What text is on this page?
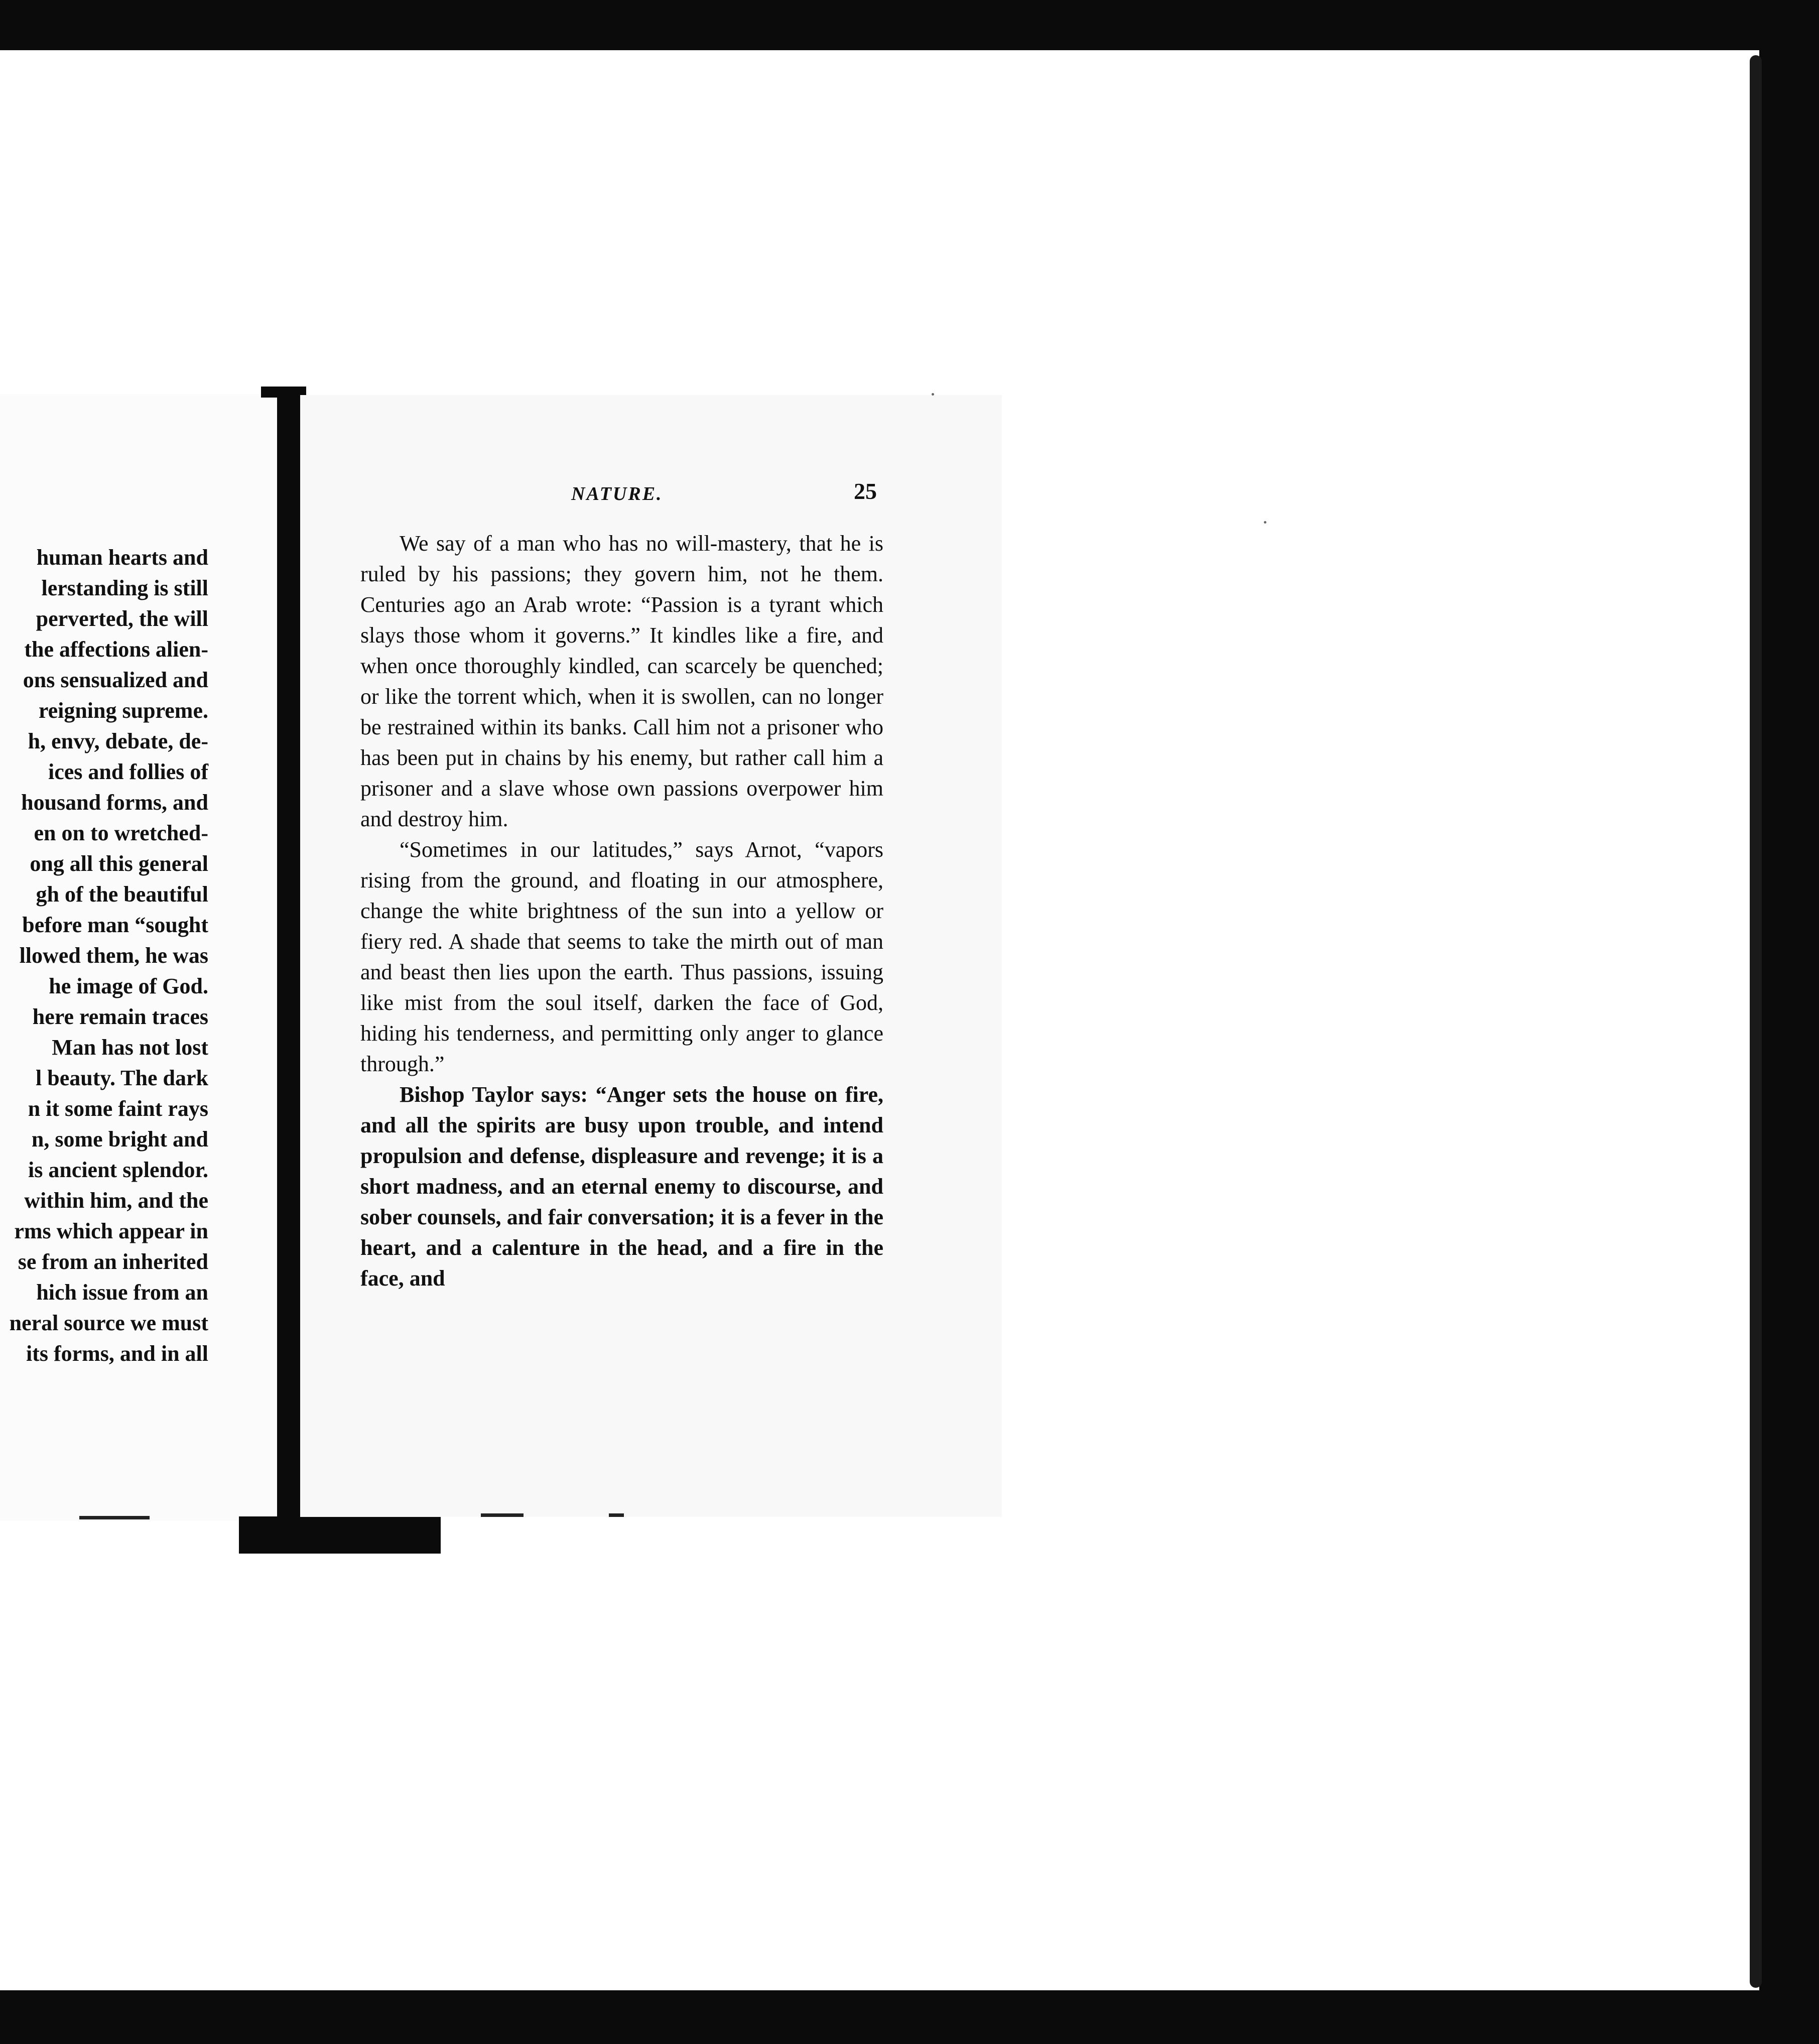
human hearts and
lerstanding is still
perverted, the will
the affections alien-
ons sensualized and
reigning supreme.
h, envy, debate, de-
ices and follies of
housand forms, and
en on to wretched-
ong all this general
gh of the beautiful
before man “sought
llowed them, he was
he image of God.
here remain traces
Man has not lost
l beauty. The dark
n it some faint rays
n, some bright and
is ancient splendor.
within him, and the
rms which appear in
se from an inherited
hich issue from an
neral source we must
its forms, and in all
NATURE.	25

We say of a man who has no will-mastery, that he is ruled by his passions; they govern him, not he them. Centuries ago an Arab wrote: “Passion is a tyrant which slays those whom it governs.” It kindles like a fire, and when once thoroughly kindled, can scarcely be quenched; or like the torrent which, when it is swollen, can no longer be restrained within its banks. Call him not a prisoner who has been put in chains by his enemy, but rather call him a prisoner and a slave whose own passions overpower him and destroy him.

“Sometimes in our latitudes,” says Arnot, “vapors rising from the ground, and floating in our atmosphere, change the white brightness of the sun into a yellow or fiery red. A shade that seems to take the mirth out of man and beast then lies upon the earth. Thus passions, issuing like mist from the soul itself, darken the face of God, hiding his tenderness, and permitting only anger to glance through.”

Bishop Taylor says: “Anger sets the house on fire, and all the spirits are busy upon trouble, and intend propulsion and defense, displeasure and revenge; it is a short madness, and an eternal enemy to discourse, and sober counsels, and fair conversation; it is a fever in the heart, and a calenture in the head, and a fire in the face, and
